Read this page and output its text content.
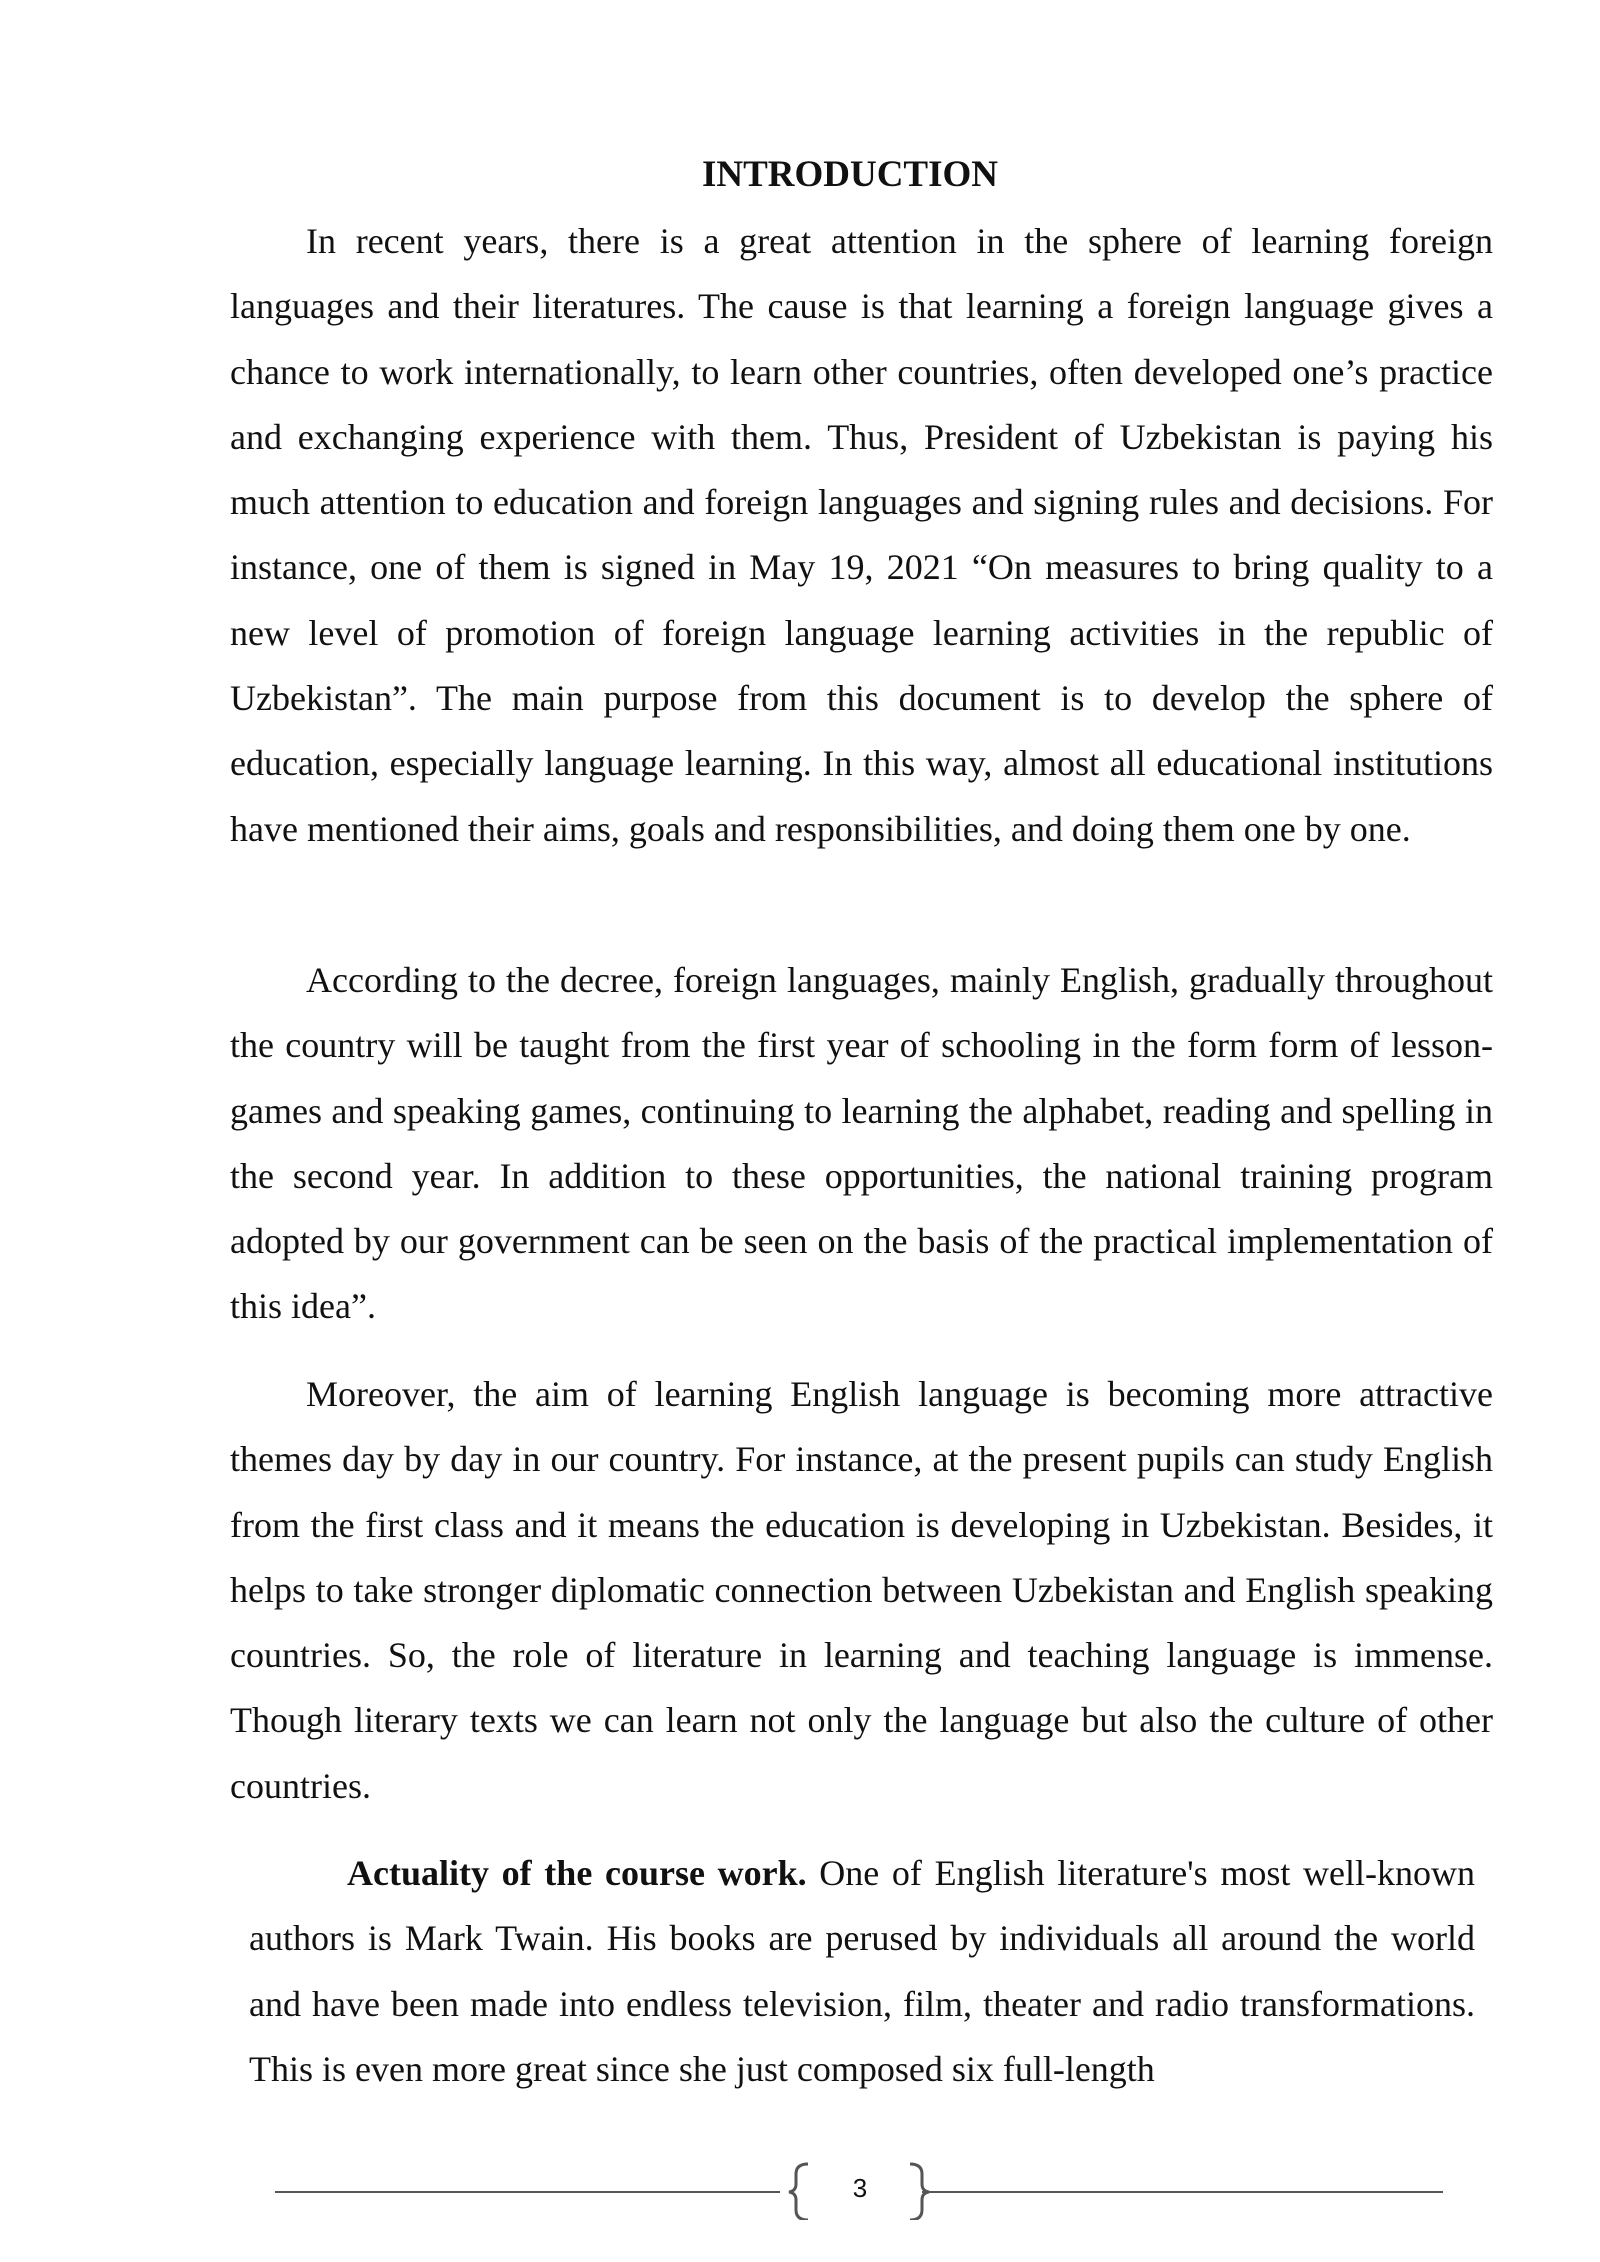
INTRODUCTION

In recent years, there is a great attention in the sphere of learning foreign languages and their literatures. The cause is that learning a foreign language gives a chance to work internationally, to learn other countries, often developed one’s practice and exchanging experience with them. Thus, President of Uzbekistan is paying his much attention to education and foreign languages and signing rules and decisions. For instance, one of them is signed in May 19, 2021 “On measures to bring quality to a new level of promotion of foreign language learning activities in the republic of Uzbekistan”. The main purpose from this document is to develop the sphere of education, especially language learning. In this way, almost all educational institutions have mentioned their aims, goals and responsibilities, and doing them one by one.

According to the decree, foreign languages, mainly English, gradually throughout the country will be taught from the first year of schooling in the form form of lesson-games and speaking games, continuing to learning the alphabet, reading and spelling in the second year. In addition to these opportunities, the national training program adopted by our government can be seen on the basis of the practical implementation of this idea”.

Moreover, the aim of learning English language is becoming more attractive themes day by day in our country. For instance, at the present pupils can study English from the first class and it means the education is developing in Uzbekistan. Besides, it helps to take stronger diplomatic connection between Uzbekistan and English speaking countries. So, the role of literature in learning and teaching language is immense. Though literary texts we can learn not only the language but also the culture of other countries.

Actuality of the course work. One of English literature's most well-known authors is Mark Twain. His books are perused by individuals all around the world and have been made into endless television, film, theater and radio transformations. This is even more great since she just composed six full-length

3
